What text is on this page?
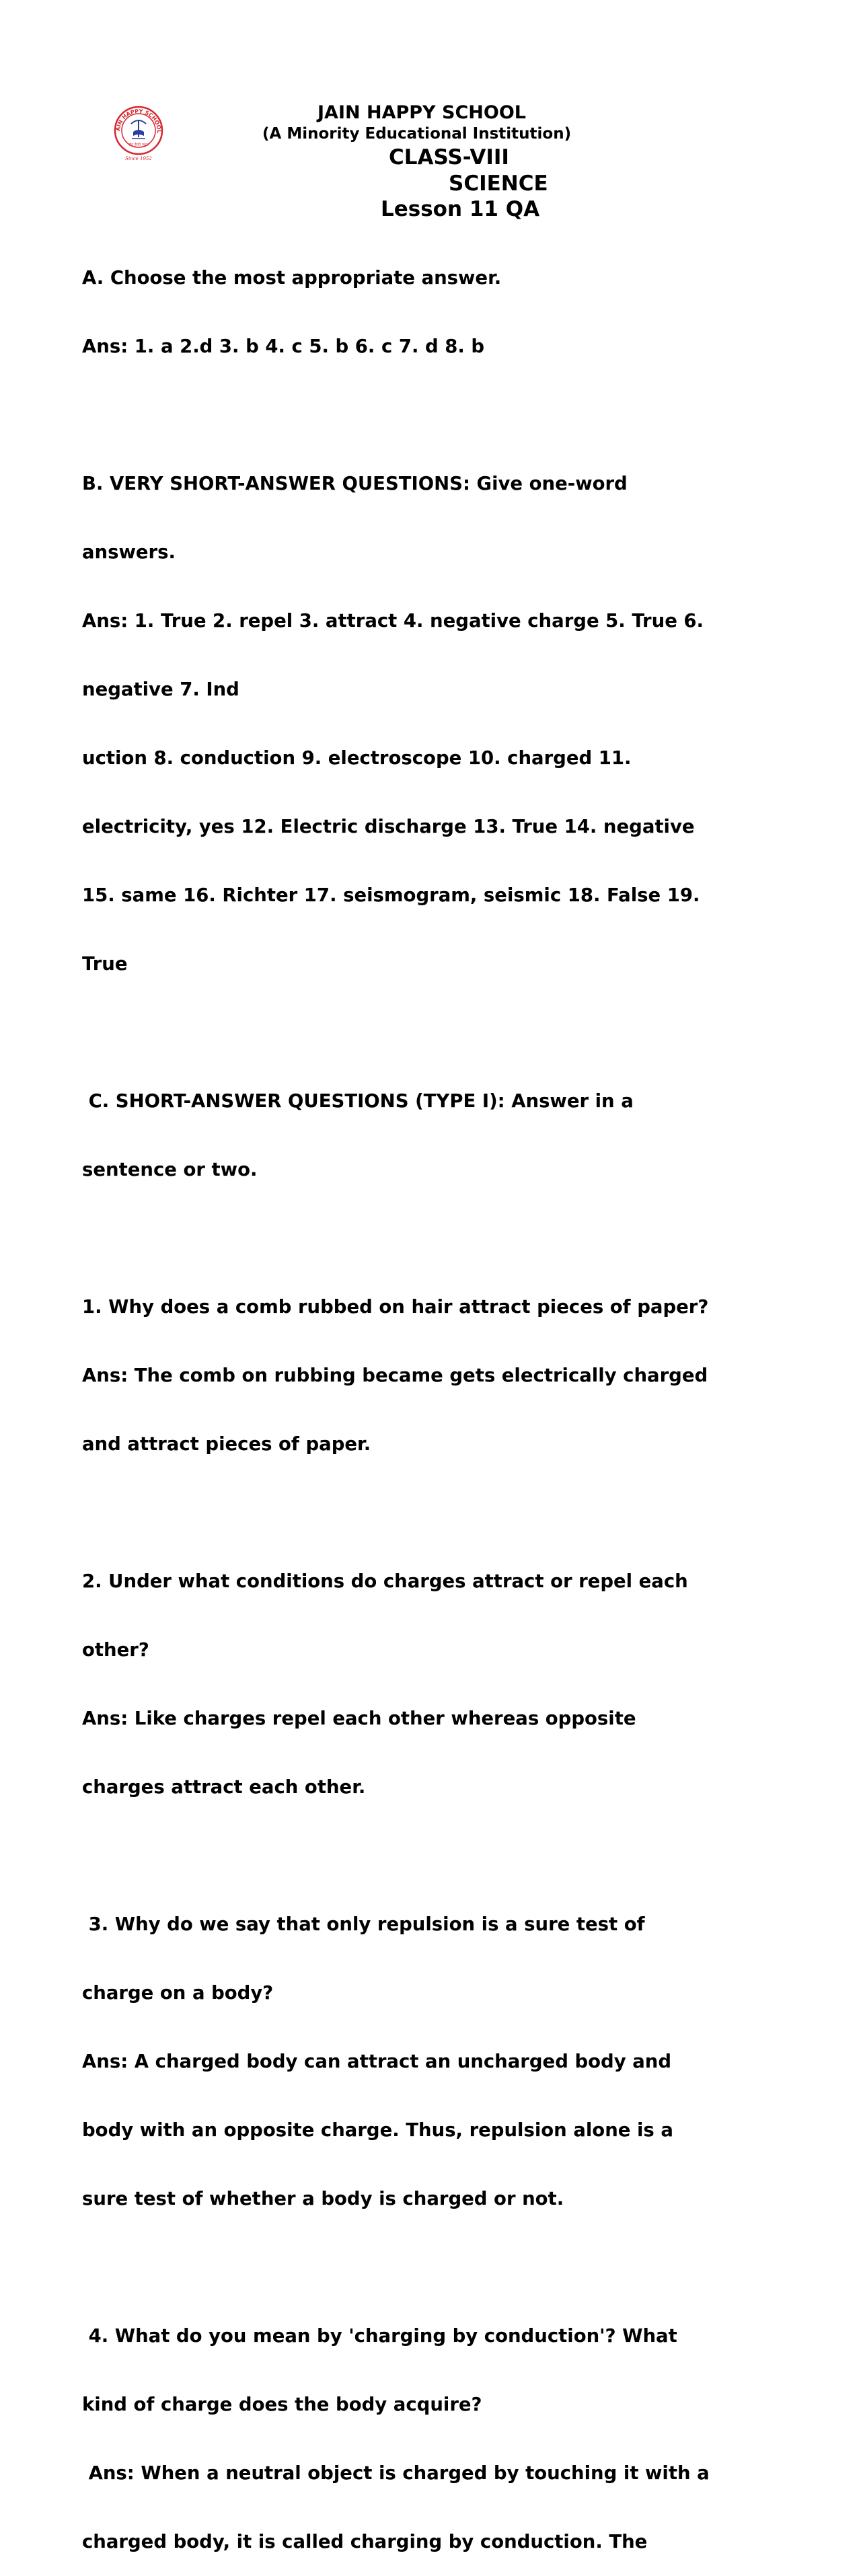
AIN HAPPY SCHOOL
जैन हैप्पी स्कूल
Since 1952
JAIN HAPPY SCHOOL
(A Minority Educational Institution)
CLASS-VIII
SCIENCE
Lesson 11 QA

A. Choose the most appropriate answer.

Ans: 1. a 2.d 3. b 4. c 5. b 6. c 7. d 8. b

B. VERY SHORT-ANSWER QUESTIONS: Give one-word

answers.

Ans: 1. True 2. repel 3. attract 4. negative charge 5. True 6.

negative 7. Ind

uction 8. conduction 9. electroscope 10. charged 11.

electricity, yes 12. Electric discharge 13. True 14. negative

15. same 16. Richter 17. seismogram, seismic 18. False 19.

True

C. SHORT-ANSWER QUESTIONS (TYPE I): Answer in a

sentence or two.

1. Why does a comb rubbed on hair attract pieces of paper?

Ans: The comb on rubbing became gets electrically charged

and attract pieces of paper.

2. Under what conditions do charges attract or repel each

other?

Ans: Like charges repel each other whereas opposite

charges attract each other.

3. Why do we say that only repulsion is a sure test of

charge on a body?

Ans: A charged body can attract an uncharged body and

body with an opposite charge. Thus, repulsion alone is a

sure test of whether a body is charged or not.

4. What do you mean by 'charging by conduction'? What

kind of charge does the body acquire?

Ans: When a neutral object is charged by touching it with a

charged body, it is called charging by conduction. The
